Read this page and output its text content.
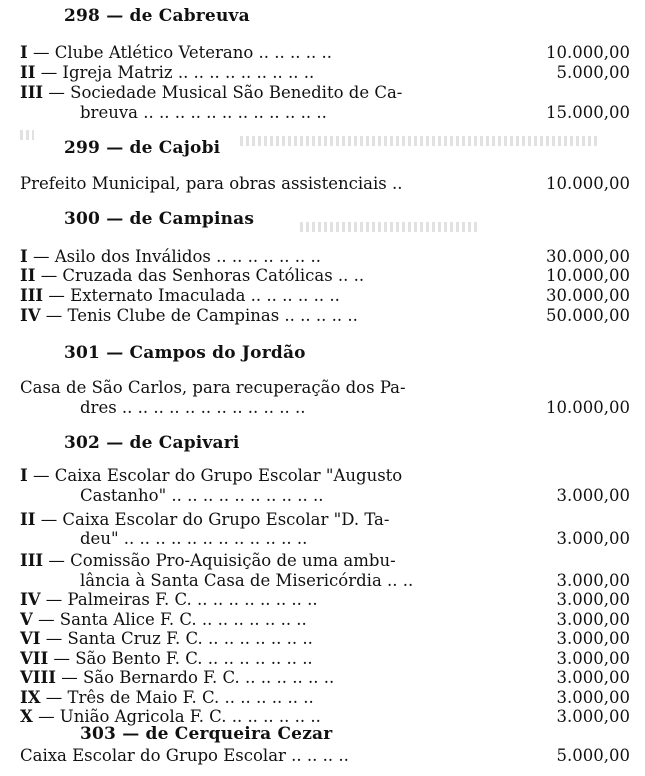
298 — de Cabreuva
I — Clube Atlético Veterano .. .. .. .. ..	10.000,00
II — Igreja Matriz .. .. .. .. .. .. .. .. ..	5.000,00
III — Sociedade Musical São Benedito de Ca-
breuva .. .. .. .. .. .. .. .. .. .. .. ..	15.000,00
299 — de Cajobi
Prefeito Municipal, para obras assistenciais ..	10.000,00
300 — de Campinas
I — Asilo dos Inválidos .. .. .. .. .. .. ..	30.000,00
II — Cruzada das Senhoras Católicas .. ..	10.000,00
III — Externato Imaculada .. .. .. .. .. ..	30.000,00
IV — Tenis Clube de Campinas .. .. .. .. ..	50.000,00
301 — Campos do Jordão
Casa de São Carlos, para recuperação dos Pa-
dres .. .. .. .. .. .. .. .. .. .. .. ..	10.000,00
302 — de Capivari
I — Caixa Escolar do Grupo Escolar "Augusto
Castanho" .. .. .. .. .. .. .. .. .. ..	3.000,00
II — Caixa Escolar do Grupo Escolar "D. Ta-
deu" .. .. .. .. .. .. .. .. .. .. .. ..	3.000,00
III — Comissão Pro-Aquisição de uma ambu-
lância à Santa Casa de Misericórdia .. ..	3.000,00
IV — Palmeiras F. C. .. .. .. .. .. .. .. ..	3.000,00
V — Santa Alice F. C. .. .. .. .. .. .. ..	3.000,00
VI — Santa Cruz F. C. .. .. .. .. .. .. ..	3.000,00
VII — São Bento F. C. .. .. .. .. .. .. ..	3.000,00
VIII — São Bernardo F. C. .. .. .. .. .. ..	3.000,00
IX — Três de Maio F. C. .. .. .. .. .. ..	3.000,00
X — União Agricola F. C. .. .. .. .. .. ..	3.000,00
303 — de Cerqueira Cezar
Caixa Escolar do Grupo Escolar .. .. .. ..	5.000,00
